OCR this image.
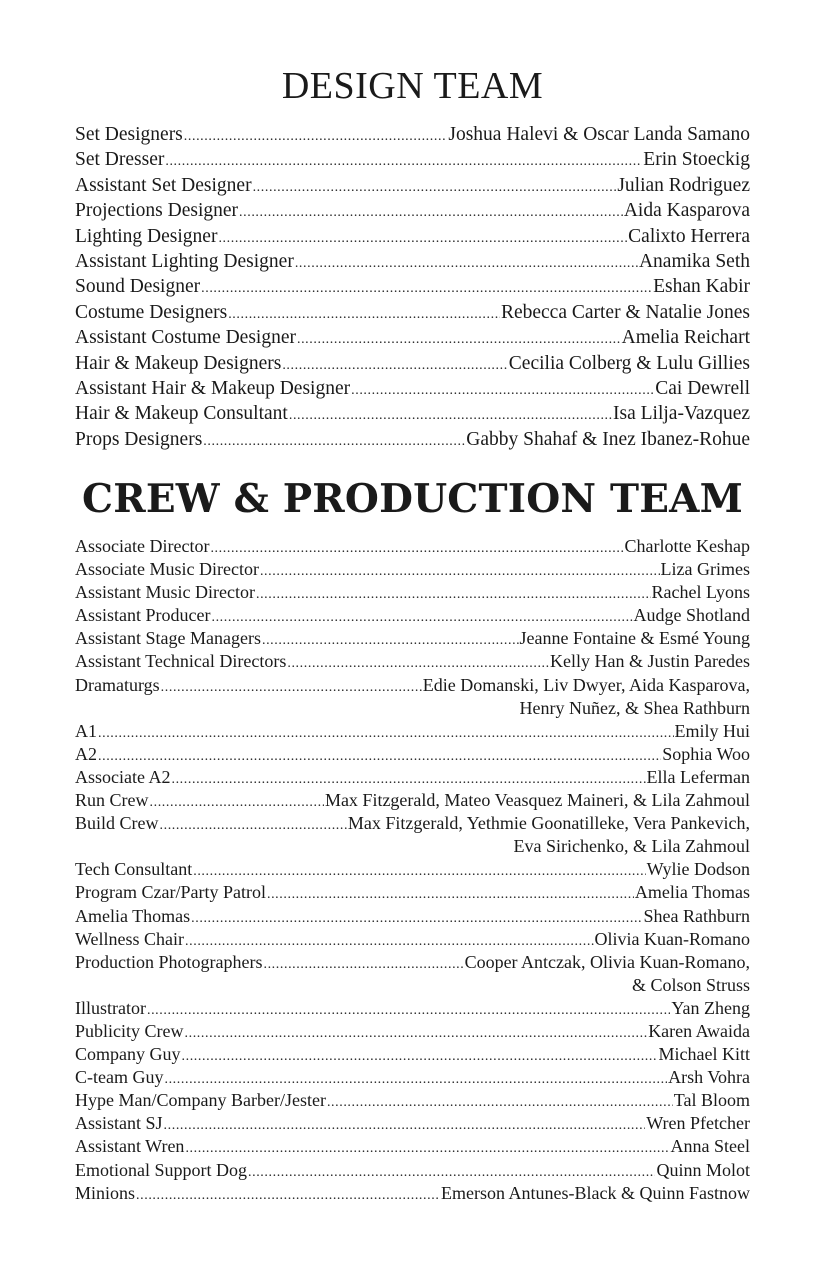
DESIGN TEAM
Set Designers .....	Joshua Halevi & Oscar Landa Samano
Set Dresser .....	Erin Stoeckig
Assistant Set Designer .....	Julian Rodriguez
Projections Designer .....	Aida Kasparova
Lighting Designer .....	Calixto Herrera
Assistant Lighting Designer .....	Anamika Seth
Sound Designer .....	Eshan Kabir
Costume Designers .....	Rebecca Carter & Natalie Jones
Assistant Costume Designer .....	Amelia Reichart
Hair & Makeup Designers .....	Cecilia Colberg & Lulu Gillies
Assistant Hair & Makeup Designer .....	Cai Dewrell
Hair & Makeup Consultant .....	Isa Lilja-Vazquez
Props Designers .....	Gabby Shahaf & Inez Ibanez-Rohue
CREW & PRODUCTION TEAM
Associate Director .....	Charlotte Keshap
Associate Music Director .....	Liza Grimes
Assistant Music Director .....	Rachel Lyons
Assistant Producer .....	Audge Shotland
Assistant Stage Managers .....	Jeanne Fontaine & Esmé Young
Assistant Technical Directors .....	Kelly Han & Justin Paredes
Dramaturgs .....	Edie Domanski, Liv Dwyer, Aida Kasparova,
Henry Nuñez, & Shea Rathburn
A1 .....	Emily Hui
A2 .....	Sophia Woo
Associate A2 .....	Ella Leferman
Run Crew .....	Max Fitzgerald, Mateo Veasquez Maineri, & Lila Zahmoul
Build Crew .....	Max Fitzgerald, Yethmie Goonatilleke, Vera Pankevich,
Eva Sirichenko, & Lila Zahmoul
Tech Consultant .....	Wylie Dodson
Program Czar/Party Patrol .....	Amelia Thomas
Amelia Thomas .....	Shea Rathburn
Wellness Chair .....	Olivia Kuan-Romano
Production Photographers .....	Cooper Antczak, Olivia Kuan-Romano,
& Colson Struss
Illustrator .....	Yan Zheng
Publicity Crew .....	Karen Awaida
Company Guy .....	Michael Kitt
C-team Guy .....	Arsh Vohra
Hype Man/Company Barber/Jester .....	Tal Bloom
Assistant SJ .....	Wren Pfetcher
Assistant Wren .....	Anna Steel
Emotional Support Dog .....	Quinn Molot
Minions .....	Emerson Antunes-Black & Quinn Fastnow
